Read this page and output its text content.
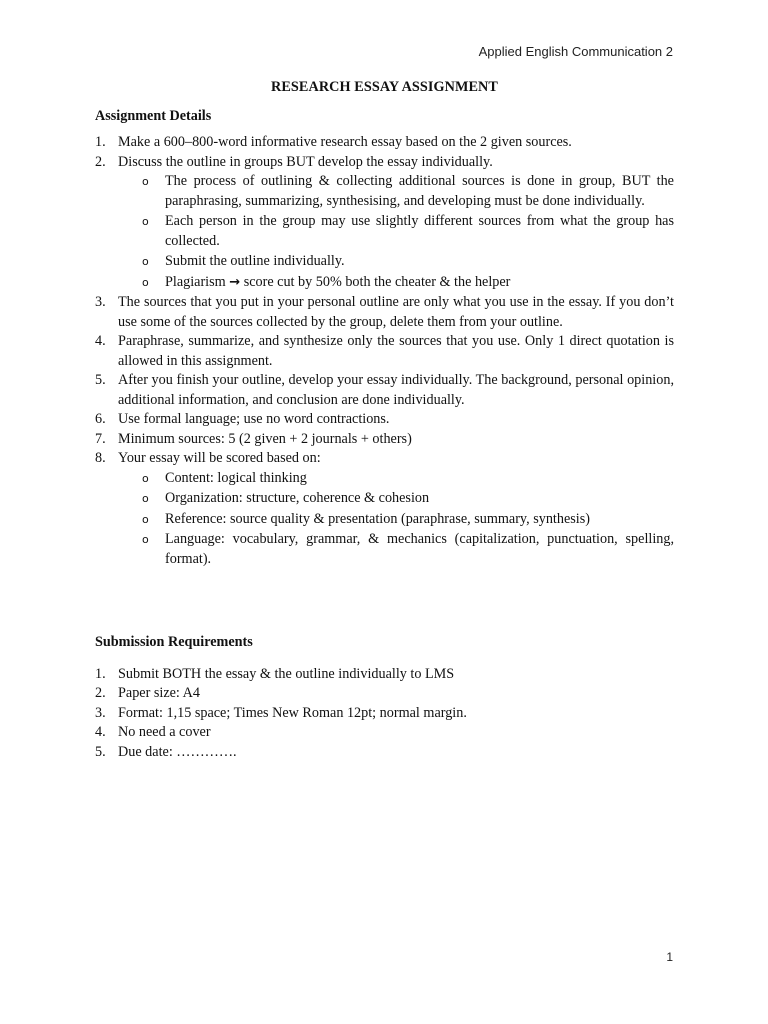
Applied English Communication 2
RESEARCH ESSAY ASSIGNMENT
Assignment Details
1. Make a 600–800-word informative research essay based on the 2 given sources.
2. Discuss the outline in groups BUT develop the essay individually.
o The process of outlining & collecting additional sources is done in group, BUT the paraphrasing, summarizing, synthesising, and developing must be done individually.
o Each person in the group may use slightly different sources from what the group has collected.
o Submit the outline individually.
o Plagiarism → score cut by 50% both the cheater & the helper
3. The sources that you put in your personal outline are only what you use in the essay. If you don’t use some of the sources collected by the group, delete them from your outline.
4. Paraphrase, summarize, and synthesize only the sources that you use. Only 1 direct quotation is allowed in this assignment.
5. After you finish your outline, develop your essay individually. The background, personal opinion, additional information, and conclusion are done individually.
6. Use formal language; use no word contractions.
7. Minimum sources: 5 (2 given + 2 journals + others)
8. Your essay will be scored based on:
o Content: logical thinking
o Organization: structure, coherence & cohesion
o Reference: source quality & presentation (paraphrase, summary, synthesis)
o Language: vocabulary, grammar, & mechanics (capitalization, punctuation, spelling, format).
Submission Requirements
1. Submit BOTH the essay & the outline individually to LMS
2. Paper size: A4
3. Format: 1,15 space; Times New Roman 12pt; normal margin.
4. No need a cover
5. Due date: ………….
1
